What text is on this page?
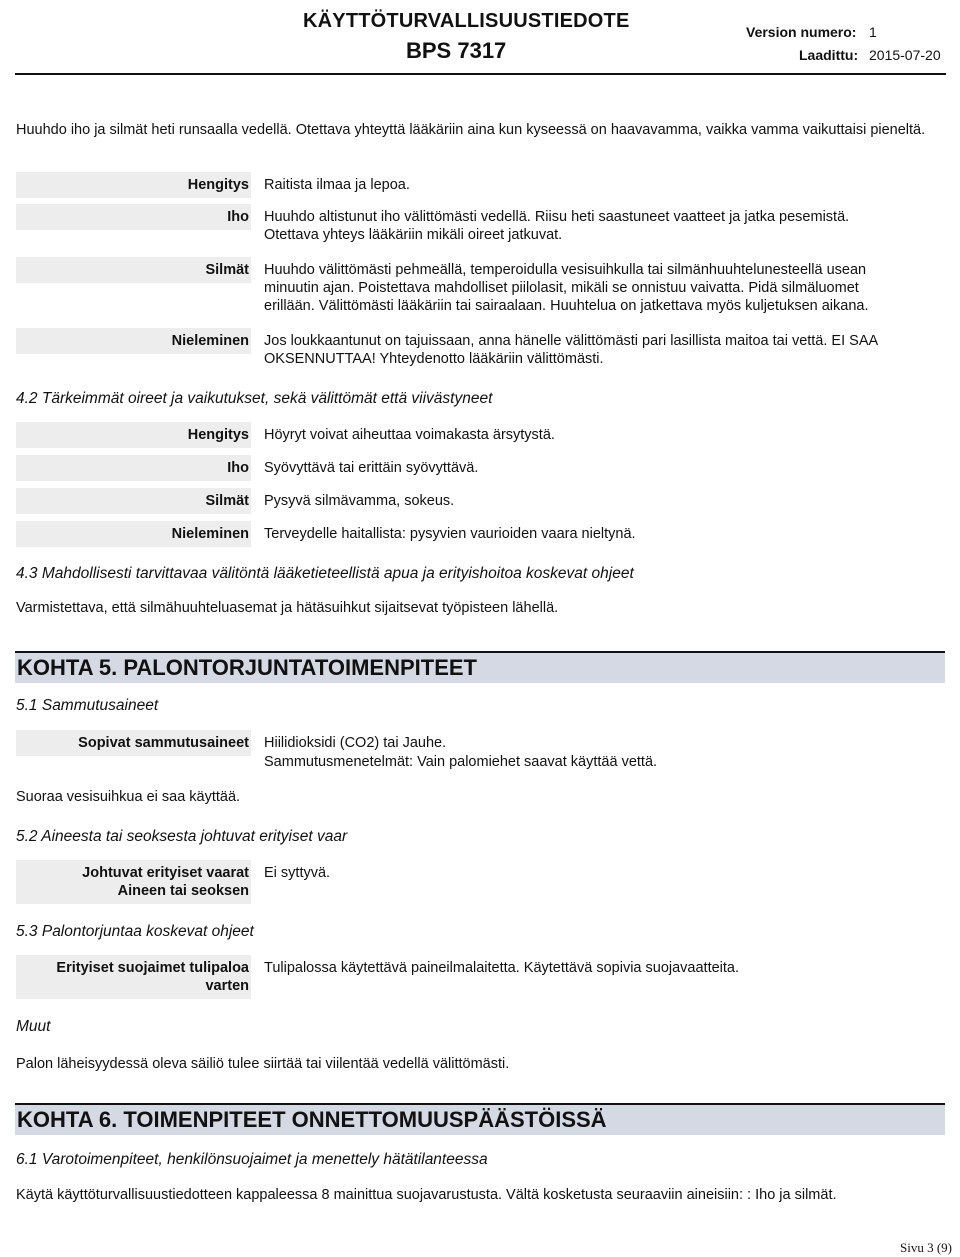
KÄYTTÖTURVALLISUUSTIEDOTE
BPS 7317
Version numero: 1
Laadittu: 2015-07-20
Huuhdo iho ja silmät heti runsaalla vedellä. Otettava yhteyttä lääkäriin aina kun kyseessä on haavavamma, vaikka vamma vaikuttaisi pieneltä.
Hengitys Raitista ilmaa ja lepoa.
Iho Huuhdo altistunut iho välittömästi vedellä. Riisu heti saastuneet vaatteet ja jatka pesemistä. Otettava yhteys lääkäriin mikäli oireet jatkuvat.
Silmät Huuhdo välittömästi pehmeällä, temperoidulla vesisuihkulla tai silmänhuuhtelunesteellä usean minuutin ajan. Poistettava mahdolliset piilolasit, mikäli se onnistuu vaivatta. Pidä silmäluomet erillään. Välittömästi lääkäriin tai sairaalaan. Huuhtelua on jatkettava myös kuljetuksen aikana.
Nieleminen Jos loukkaantunut on tajuissaan, anna hänelle välittömästi pari lasillista maitoa tai vettä. EI SAA OKSENNUTTAA! Yhteydenotto lääkäriin välittömästi.
4.2 Tärkeimmät oireet ja vaikutukset, sekä välittömät että viivästyneet
Hengitys Höyryt voivat aiheuttaa voimakasta ärsytystä.
Iho Syövyttävä tai erittäin syövyttävä.
Silmät Pysyvä silmävamma, sokeus.
Nieleminen Terveydelle haitallista: pysyvien vaurioiden vaara nieltynä.
4.3 Mahdollisesti tarvittavaa välitöntä lääketieteellistä apua ja erityishoitoa koskevat ohjeet
Varmistettava, että silmähuuhteluasemat ja hätäsuihkut sijaitsevat työpisteen lähellä.
KOHTA 5. PALONTORJUNTATOIMENPITEET
5.1 Sammutusaineet
Sopivat sammutusaineet Hiilidioksidi (CO2) tai Jauhe.
Sammutusmenetelmät: Vain palomiehet saavat käyttää vettä.
Suoraa vesisuihkua ei saa käyttää.
5.2 Aineesta tai seoksesta johtuvat erityiset vaar
Johtuvat erityiset vaarat
Aineen tai seoksen
Ei syttyvä.
5.3 Palontorjuntaa koskevat ohjeet
Erityiset suojaimet tulipaloa
varten
Tulipalossa käytettävä paineilmalaitetta. Käytettävä sopivia suojavaatteita.
Muut
Palon läheisyydessä oleva säiliö tulee siirtää tai viilentää vedellä välittömästi.
KOHTA 6. TOIMENPITEET ONNETTOMUUSPÄÄSTÖISSÄ
6.1 Varotoimenpiteet, henkilönsuojaimet ja menettely hätätilanteessa
Käytä käyttöturvallisuustiedotteen kappaleessa 8 mainittua suojavarustusta. Vältä kosketusta seuraaviin aineisiin: : Iho ja silmät.
Sivu 3 (9)
